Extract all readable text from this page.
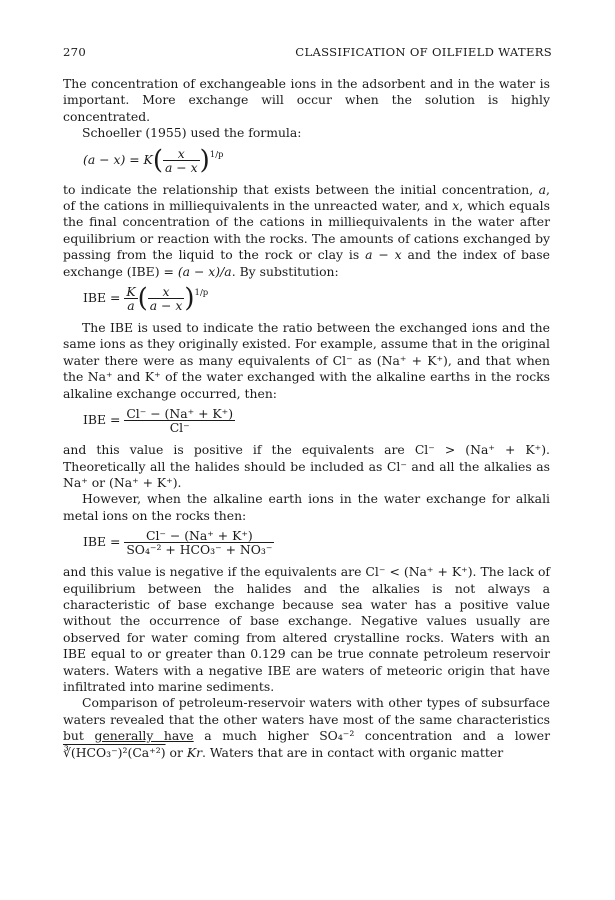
270	CLASSIFICATION OF OILFIELD WATERS

The concentration of exchangeable ions in the adsorbent and in the water is important. More exchange will occur when the solution is highly concentrated.

Schoeller (1955) used the formula:

$(a - x) = K( \frac{x}{a - x} )^{1/p}$

to indicate the relationship that exists between the initial concentration, a, of the cations in milliequivalents in the unreacted water, and x, which equals the final concentration of the cations in milliequivalents in the water after equilibrium or reaction with the rocks. The amounts of cations exchanged by passing from the liquid to the rock or clay is a − x and the index of base exchange (IBE) = (a − x)/a. By substitution:

IBE = $\frac{K}{a}$ ( $\frac{x}{a - x} )^{1/p}$

The IBE is used to indicate the ratio between the exchanged ions and the same ions as they originally existed. For example, assume that in the original water there were as many equivalents of Cl⁻ as (Na⁺ + K⁺), and that when the Na⁺ and K⁺ of the water exchanged with the alkaline earths in the rocks alkaline exchange occurred, then:

IBE = $\frac{Cl^- - (Na^+ + K^+)}{Cl^-}$

and this value is positive if the equivalents are Cl⁻ > (Na⁺ + K⁺). Theoretically all the halides should be included as Cl⁻ and all the alkalies as Na⁺ or (Na⁺ + K⁺).

However, when the alkaline earth ions in the water exchange for alkali metal ions on the rocks then:

IBE = $\frac{Cl^- - (Na^+ + K^+)}{\text{SO₄⁻² + HCO₃⁻ + NO₃⁻}}$

and this value is negative if the equivalents are Cl⁻ < (Na⁺ + K⁺). The lack of equilibrium between the halides and the alkalies is not always a characteristic of base exchange because sea water has a positive value without the occurrence of base exchange. Negative values usually are observed for water coming from altered crystalline rocks. Waters with an IBE equal to or greater than 0.129 can be true connate petroleum reservoir waters. Waters with a negative IBE are waters of meteoric origin that have infiltrated into marine sediments.

Comparison of petroleum-reservoir waters with other types of subsurface waters revealed that the other waters have most of the same characteristics but generally have a much higher SO₄⁻² concentration and a lower ∛(HCO₃⁻)²(Ca⁺²) or Kr. Waters that are in contact with organic matter
